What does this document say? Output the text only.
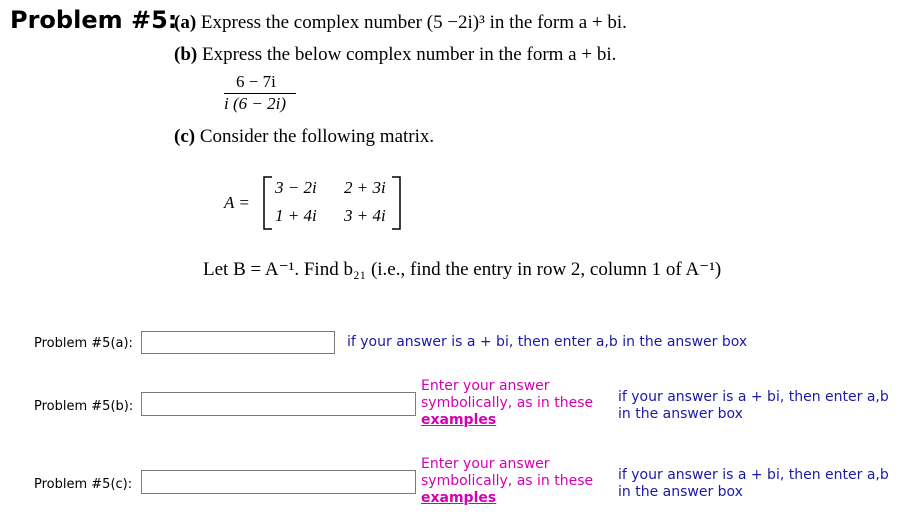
Problem #5:
(a) Express the complex number (5 −2i)³ in the form a + bi.
(b) Express the below complex number in the form a + bi.
6 − 7i
i (6 − 2i)
(c) Consider the following matrix.
A =
3 − 2i 2 + 3i
1 + 4i 3 + 4i
Let B = A⁻¹. Find b₂₁ (i.e., find the entry in row 2, column 1 of A⁻¹)
Problem #5(a):	if your answer is a + bi, then enter a,b in the answer box
Problem #5(b):
Enter your answer
symbolically, as in these
examples
if your answer is a + bi, then enter a,b
in the answer box
Problem #5(c):
Enter your answer
symbolically, as in these
examples
if your answer is a + bi, then enter a,b
in the answer box
